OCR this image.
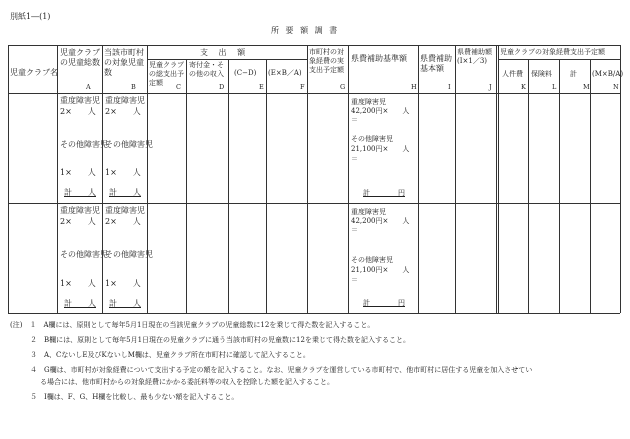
別紙1―(1)
所 要 額 調 書
児童クラブ名
児童クラブの児童総数
A
当該市町村の対象児童数
B
支 出 額
児童クラブの総支出予定額	C
寄付金・その他の収入
D
(C−D)
E
(E×B／A)
F
市町村の対象経費の実支出予定額
G
県費補助基準額
H
県費補助基本額
I
県費補助額(I×1／3)
J
児童クラブの対象経費支出予定額
人件費
K
保険料
L
計
M
(M×B/A)
N
重度障害児
2×　　人
その他障害児
1×　　人
計　　人
重度障害児
2×　　人
その他障害児
1×　　人
計　　人
重度障害児
42,200円×　　人
＝
その他障害児
21,100円×　　人
＝
計　　　　円
重度障害児
2×　　人
その他障害児
1×　　人
計　　人
重度障害児
2×　　人
その他障害児
1×　　人
計　　人
重度障害児
42,200円×　　人
＝
その他障害児
21,100円×　　人
＝
計　　　　円
(注)　１　A欄には、原則として毎年5月1日現在の当該児童クラブの児童総数に12を乗じて得た数を記入すること。
２　B欄には、原則として毎年5月1日現在の児童クラブに通う当該市町村の児童数に12を乗じて得た数を記入すること。
３　A、CないしE及びKないしM欄は、児童クラブ所在市町村に確認して記入すること。
４　G欄は、市町村が対象経費について支出する予定の額を記入すること。なお、児童クラブを運営している市町村で、他市町村に居住する児童を加入させてい
る場合には、他市町村からの対象経費にかかる委託料等の収入を控除した額を記入すること。
５　I欄は、F、G、H欄を比較し、最も少ない額を記入すること。
